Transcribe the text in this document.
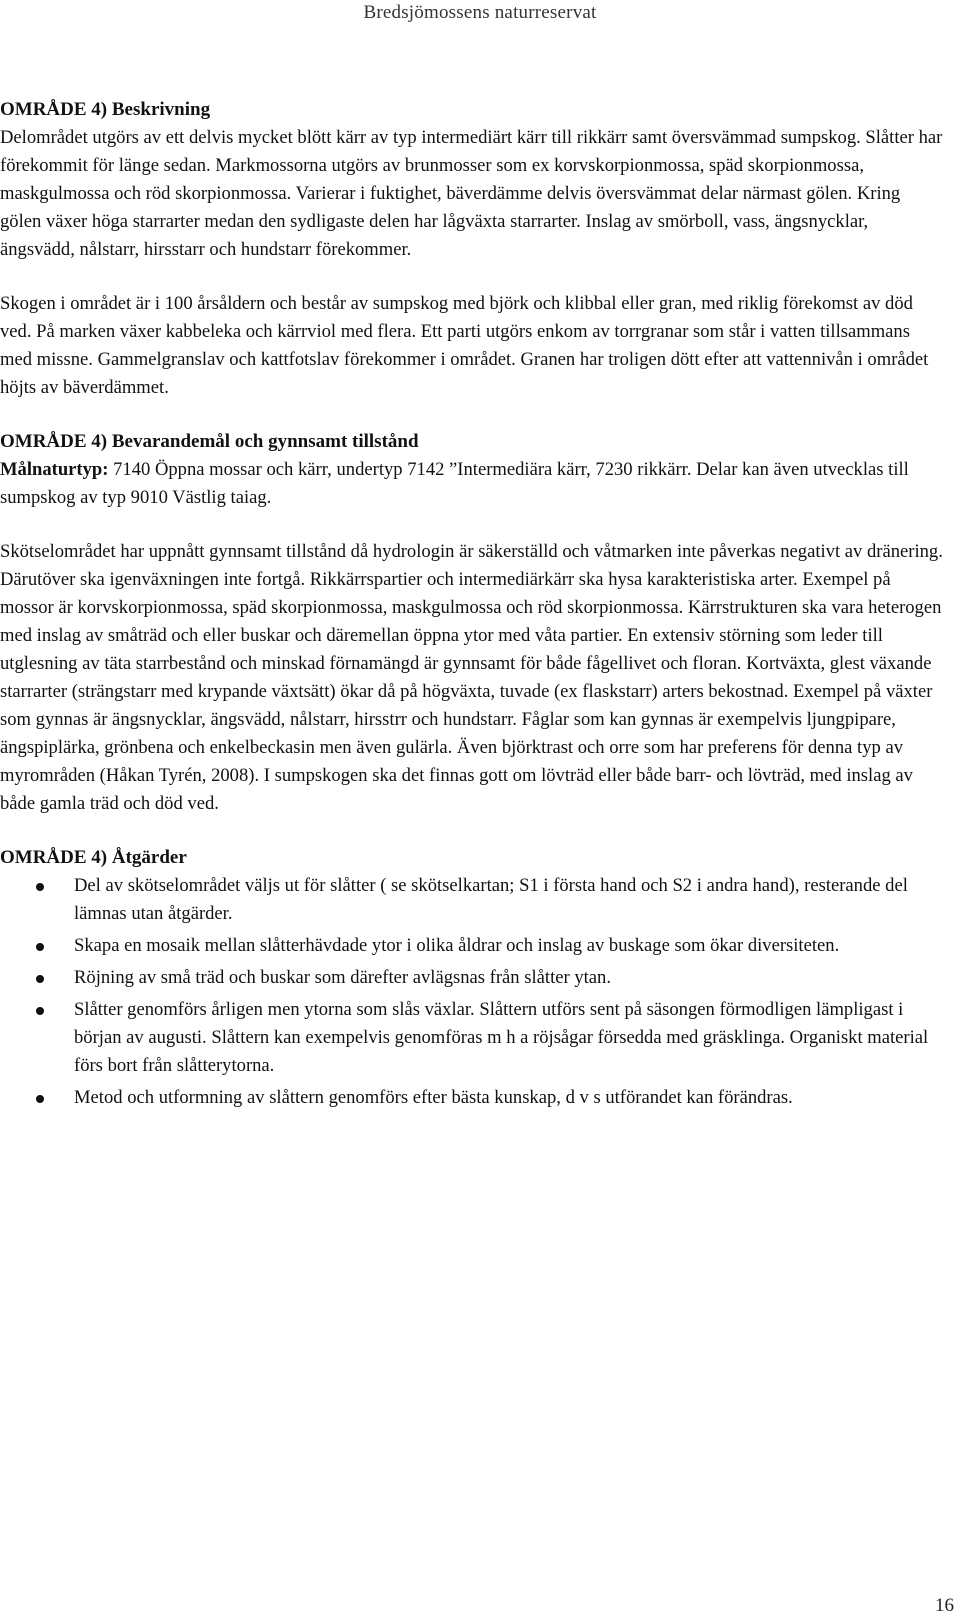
Bredsjömossens naturreservat
OMRÅDE 4) Beskrivning

Delområdet utgörs av ett delvis mycket blött kärr av typ intermediärt kärr till rikkärr samt översvämmad sumpskog. Slåtter har förekommit för länge sedan. Markmossorna utgörs av brunmosser som ex korvskorpionmossa, späd skorpionmossa, maskgulmossa och röd skorpionmossa. Varierar i fuktighet, bäverdämme delvis översvämmat delar närmast gölen. Kring gölen växer höga starrarter medan den sydligaste delen har lågväxta starrarter. Inslag av smörboll, vass, ängsnycklar, ängsvädd, nålstarr, hirsstarr och hundstarr förekommer.

Skogen i området är i 100 årsåldern och består av sumpskog med björk och klibbal eller gran, med riklig förekomst av död ved. På marken växer kabbeleka och kärrviol med flera. Ett parti utgörs enkom av torrgranar som står i vatten tillsammans med missne. Gammelgranslav och kattfotslav förekommer i området. Granen har troligen dött efter att vattennivån i området höjts av bäverdämmet.

OMRÅDE 4) Bevarandemål och gynnsamt tillstånd

Målnaturtyp: 7140 Öppna mossar och kärr, undertyp 7142 ”Intermediära kärr, 7230 rikkärr. Delar kan även utvecklas till sumpskog av typ 9010 Västlig taiag.

Skötselområdet har uppnått gynnsamt tillstånd då hydrologin är säkerställd och våtmarken inte påverkas negativt av dränering. Därutöver ska igenväxningen inte fortgå. Rikkärrspartier och intermediärkärr ska hysa karakteristiska arter. Exempel på mossor är korvskorpionmossa, späd skorpionmossa, maskgulmossa och röd skorpionmossa. Kärrstrukturen ska vara heterogen med inslag av småträd och eller buskar och däremellan öppna ytor med våta partier. En extensiv störning som leder till utglesning av täta starrbestånd och minskad förnamängd är gynnsamt för både fågellivet och floran. Kortväxta, glest växande starrarter (strängstarr med krypande växtsätt) ökar då på högväxta, tuvade (ex flaskstarr) arters bekostnad. Exempel på växter som gynnas är ängsnycklar, ängsvädd, nålstarr, hirsstrr och hundstarr. Fåglar som kan gynnas är exempelvis ljungpipare, ängspiplärka, grönbena och enkelbeckasin men även gulärla. Även björktrast och orre som har preferens för denna typ av myrområden (Håkan Tyrén, 2008). I sumpskogen ska det finnas gott om lövträd eller både barr- och lövträd, med inslag av både gamla träd och död ved.

OMRÅDE 4) Åtgärder
Del av skötselområdet väljs ut för slåtter ( se skötselkartan; S1 i första hand och S2 i andra hand), resterande del lämnas utan åtgärder.
Skapa en mosaik mellan slåtterhävdade ytor i olika åldrar och inslag av buskage som ökar diversiteten.
Röjning av små träd och buskar som därefter avlägsnas från slåtter ytan.
Slåtter genomförs årligen men ytorna som slås växlar. Slåttern utförs sent på säsongen förmodligen lämpligast i början av augusti. Slåttern kan exempelvis genomföras m h a röjsågar försedda med gräsklinga. Organiskt material förs bort från slåtterytorna.
Metod och utformning av slåttern genomförs efter bästa kunskap, d v s utförandet kan förändras.
16
